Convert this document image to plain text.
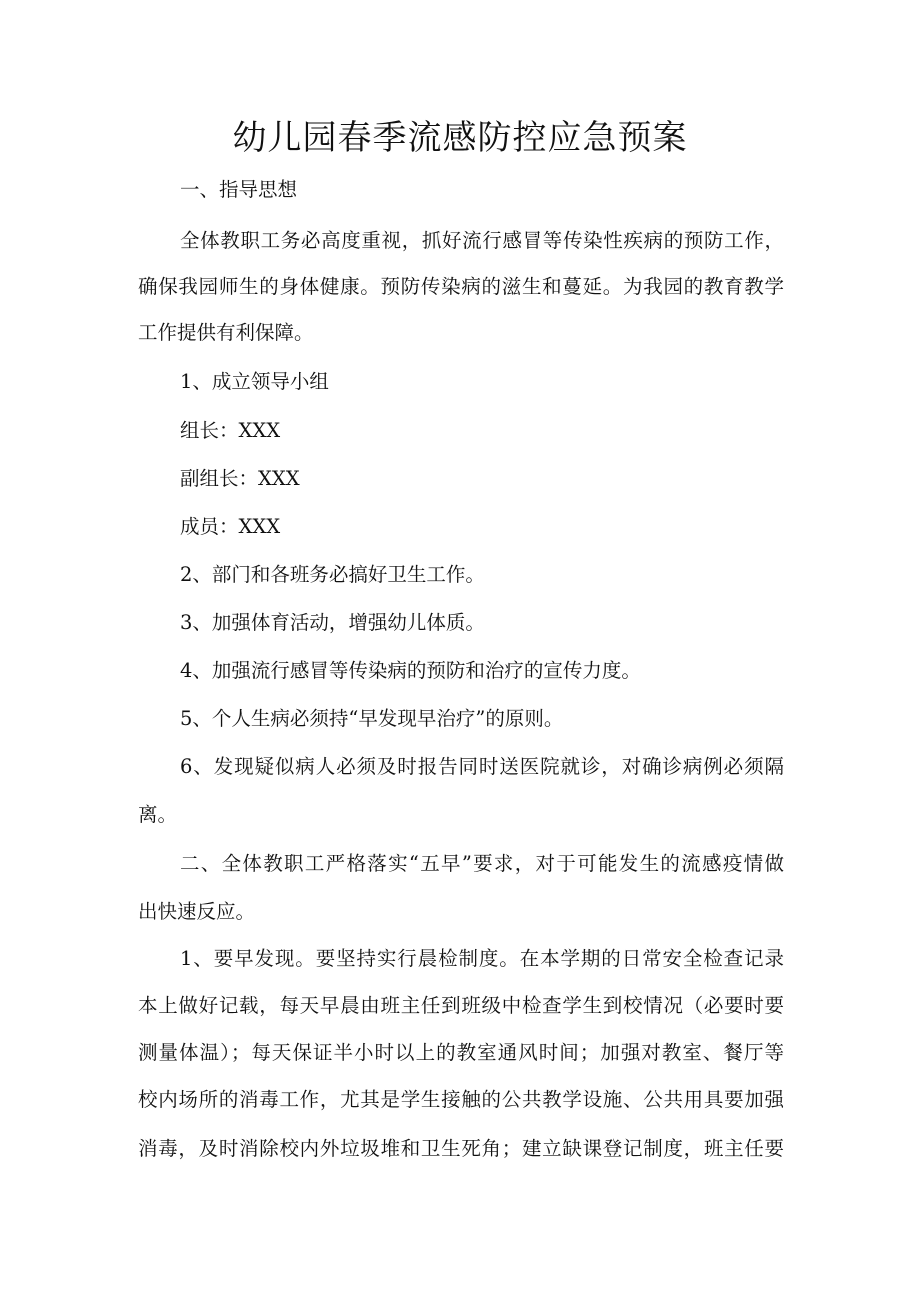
幼儿园春季流感防控应急预案
一、指导思想
全体教职工务必高度重视，抓好流行感冒等传染性疾病的预防工作，
确保我园师生的身体健康。预防传染病的滋生和蔓延。为我园的教育教学
工作提供有利保障。
1、成立领导小组
组长：XXX
副组长：XXX
成员：XXX
2、部门和各班务必搞好卫生工作。
3、加强体育活动，增强幼儿体质。
4、加强流行感冒等传染病的预防和治疗的宣传力度。
5、个人生病必须持“早发现早治疗”的原则。
6、发现疑似病人必须及时报告同时送医院就诊，对确诊病例必须隔
离。
二、全体教职工严格落实“五早”要求，对于可能发生的流感疫情做
出快速反应。
1、要早发现。要坚持实行晨检制度。在本学期的日常安全检查记录
本上做好记载，每天早晨由班主任到班级中检查学生到校情况（必要时要
测量体温）；每天保证半小时以上的教室通风时间；加强对教室、餐厅等
校内场所的消毒工作，尤其是学生接触的公共教学设施、公共用具要加强
消毒，及时消除校内外垃圾堆和卫生死角；建立缺课登记制度，班主任要
